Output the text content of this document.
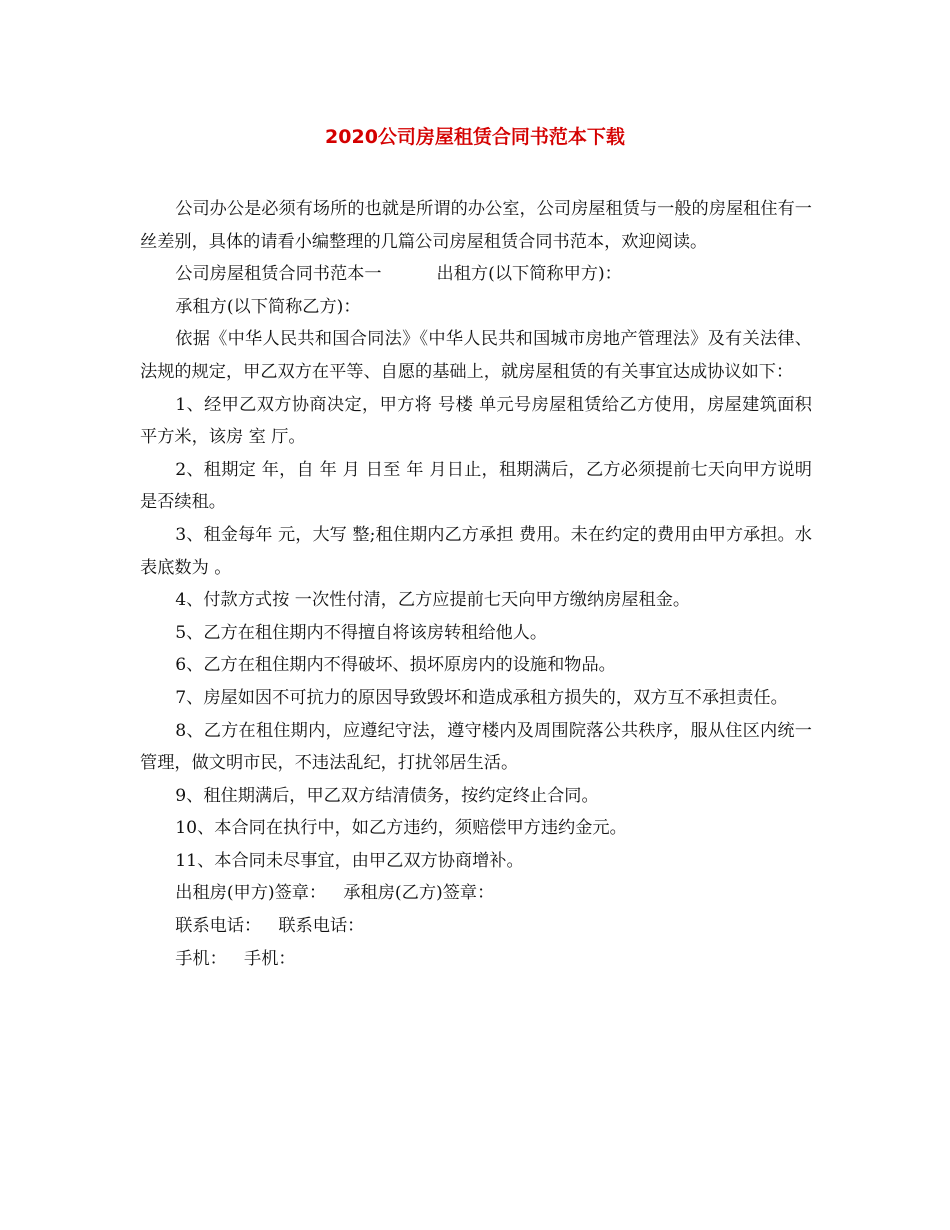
2020公司房屋租赁合同书范本下载

公司办公是必须有场所的也就是所谓的办公室，公司房屋租赁与一般的房屋租住有一丝差别，具体的请看小编整理的几篇公司房屋租赁合同书范本，欢迎阅读。

公司房屋租赁合同书范本一	出租方(以下简称甲方)：

承租方(以下简称乙方)：

依据《中华人民共和国合同法》《中华人民共和国城市房地产管理法》及有关法律、法规的规定，甲乙双方在平等、自愿的基础上，就房屋租赁的有关事宜达成协议如下：

1、经甲乙双方协商决定，甲方将 号楼 单元号房屋租赁给乙方使用，房屋建筑面积 平方米，该房 室 厅。

2、租期定 年，自 年 月 日至 年 月日止，租期满后，乙方必须提前七天向甲方说明是否续租。

3、租金每年 元，大写 整;租住期内乙方承担 费用。未在约定的费用由甲方承担。水表底数为 。

4、付款方式按 一次性付清，乙方应提前七天向甲方缴纳房屋租金。

5、乙方在租住期内不得擅自将该房转租给他人。

6、乙方在租住期内不得破坏、损坏原房内的设施和物品。

7、房屋如因不可抗力的原因导致毁坏和造成承租方损失的，双方互不承担责任。

8、乙方在租住期内，应遵纪守法，遵守楼内及周围院落公共秩序，服从住区内统一管理，做文明市民，不违法乱纪，打扰邻居生活。

9、租住期满后，甲乙双方结清债务，按约定终止合同。

10、本合同在执行中，如乙方违约，须赔偿甲方违约金元。

11、本合同未尽事宜，由甲乙双方协商增补。

出租房(甲方)签章： 承租房(乙方)签章：

联系电话： 联系电话：

手机： 手机：
